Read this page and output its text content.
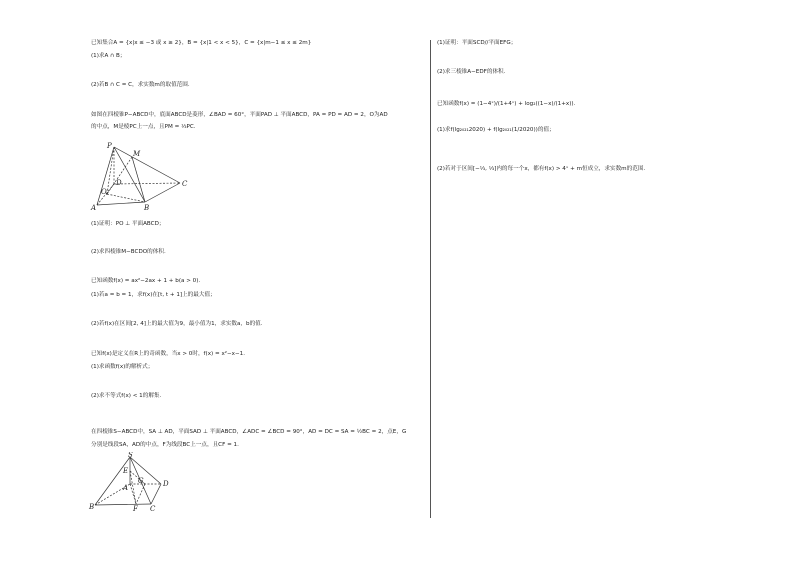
已知集合A = {x|x ≤ −3 或 x ≥ 2}，B = {x|1 < x < 5}，C = {x|m−1 ≤ x ≤ 2m}
(1)求A ∩ B；
(2)若B ∩ C = C，求实数m的取值范围.
如图在四棱锥P−ABCD中，底面ABCD是菱形，∠BAD = 60°，平面PAD ⊥ 平面ABCD，PA = PD = AD = 2，O为AD
的中点，M是棱PC上一点，且PM = ⅓PC.
P
M
D
O
A	B
C
(1)证明：PO ⊥ 平面ABCD；
(2)求四棱锥M−BCDO的体积.
已知函数f(x) = ax²−2ax + 1 + b(a > 0).
(1)若a = b = 1，求f(x)在[t, t + 1]上的最大值；
(2)若f(x)在区间[2, 4]上的最大值为9，最小值为1，求实数a，b的值.
已知f(x)是定义在R上的奇函数，当x > 0时，f(x) = x²−x−1.
(1)求函数f(x)的解析式；
(2)求不等式f(x) < 1的解集.
在四棱锥S−ABCD中，SA ⊥ AD，平面SAD ⊥ 平面ABCD，∠ADC = ∠BCD = 90°，AD = DC = SA = ½BC = 2，点E，G
分别是线段SA，AD的中点，F为线段BC上一点，且CF = 1.
S
E
G	D
A
B	F C
(1)证明：平面SCD//平面EFG；
(2)求三棱锥A−EDF的体积.
已知函数f(x) = (1−4ˣ)/(1+4ˣ) + log₂((1−x)/(1+x)).
(1)求f(lg₂₀₂₁2020) + f(lg₂₀₂₁(1/2020))的值；
(2)若对于区间[−⅓, ⅓]内的每一个x，都有f(x) > 4ˣ + m恒成立，求实数m的范围.
